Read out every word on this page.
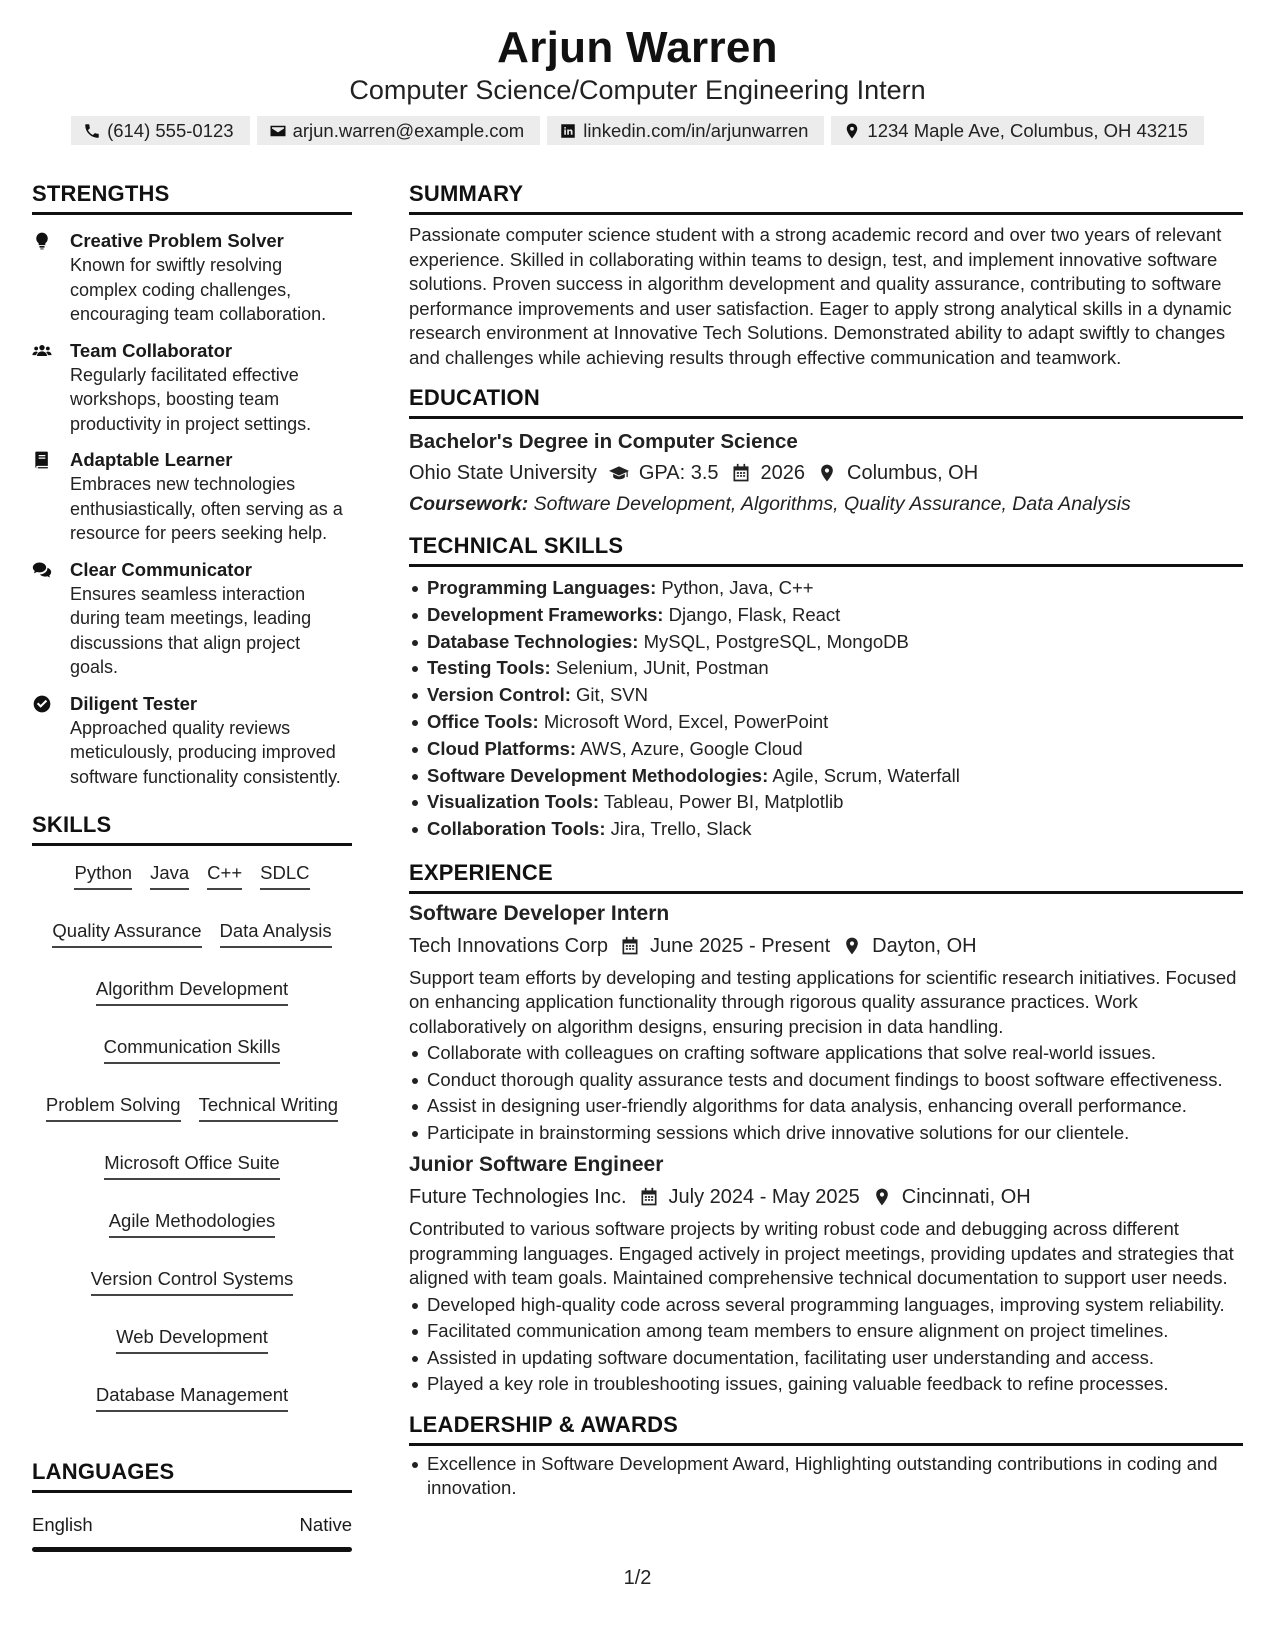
Arjun Warren
Computer Science/Computer Engineering Intern
(614) 555-0123	arjun.warren@example.com	linkedin.com/in/arjunwarren	1234 Maple Ave, Columbus, OH 43215
STRENGTHS
Creative Problem Solver
Known for swiftly resolving complex coding challenges, encouraging team collaboration.
Team Collaborator
Regularly facilitated effective workshops, boosting team productivity in project settings.
Adaptable Learner
Embraces new technologies enthusiastically, often serving as a resource for peers seeking help.
Clear Communicator
Ensures seamless interaction during team meetings, leading discussions that align project goals.
Diligent Tester
Approached quality reviews meticulously, producing improved software functionality consistently.
SKILLS
Python Java C++ SDLC
Quality Assurance Data Analysis
Algorithm Development
Communication Skills
Problem Solving Technical Writing
Microsoft Office Suite
Agile Methodologies
Version Control Systems
Web Development
Database Management
LANGUAGES
English	Native
SUMMARY
Passionate computer science student with a strong academic record and over two years of relevant experience. Skilled in collaborating within teams to design, test, and implement innovative software solutions. Proven success in algorithm development and quality assurance, contributing to software performance improvements and user satisfaction. Eager to apply strong analytical skills in a dynamic research environment at Innovative Tech Solutions. Demonstrated ability to adapt swiftly to changes and challenges while achieving results through effective communication and teamwork.
EDUCATION
Bachelor's Degree in Computer Science
Ohio State University GPA: 3.5 2026 Columbus, OH
Coursework: Software Development, Algorithms, Quality Assurance, Data Analysis
TECHNICAL SKILLS
Programming Languages: Python, Java, C++
Development Frameworks: Django, Flask, React
Database Technologies: MySQL, PostgreSQL, MongoDB
Testing Tools: Selenium, JUnit, Postman
Version Control: Git, SVN
Office Tools: Microsoft Word, Excel, PowerPoint
Cloud Platforms: AWS, Azure, Google Cloud
Software Development Methodologies: Agile, Scrum, Waterfall
Visualization Tools: Tableau, Power BI, Matplotlib
Collaboration Tools: Jira, Trello, Slack
EXPERIENCE
Software Developer Intern
Tech Innovations Corp June 2025 - Present Dayton, OH
Support team efforts by developing and testing applications for scientific research initiatives. Focused on enhancing application functionality through rigorous quality assurance practices. Work collaboratively on algorithm designs, ensuring precision in data handling.
Collaborate with colleagues on crafting software applications that solve real-world issues.
Conduct thorough quality assurance tests and document findings to boost software effectiveness.
Assist in designing user-friendly algorithms for data analysis, enhancing overall performance.
Participate in brainstorming sessions which drive innovative solutions for our clientele.
Junior Software Engineer
Future Technologies Inc. July 2024 - May 2025 Cincinnati, OH
Contributed to various software projects by writing robust code and debugging across different programming languages. Engaged actively in project meetings, providing updates and strategies that aligned with team goals. Maintained comprehensive technical documentation to support user needs.
Developed high-quality code across several programming languages, improving system reliability.
Facilitated communication among team members to ensure alignment on project timelines.
Assisted in updating software documentation, facilitating user understanding and access.
Played a key role in troubleshooting issues, gaining valuable feedback to refine processes.
LEADERSHIP & AWARDS
Excellence in Software Development Award, Highlighting outstanding contributions in coding and innovation.
1/2
